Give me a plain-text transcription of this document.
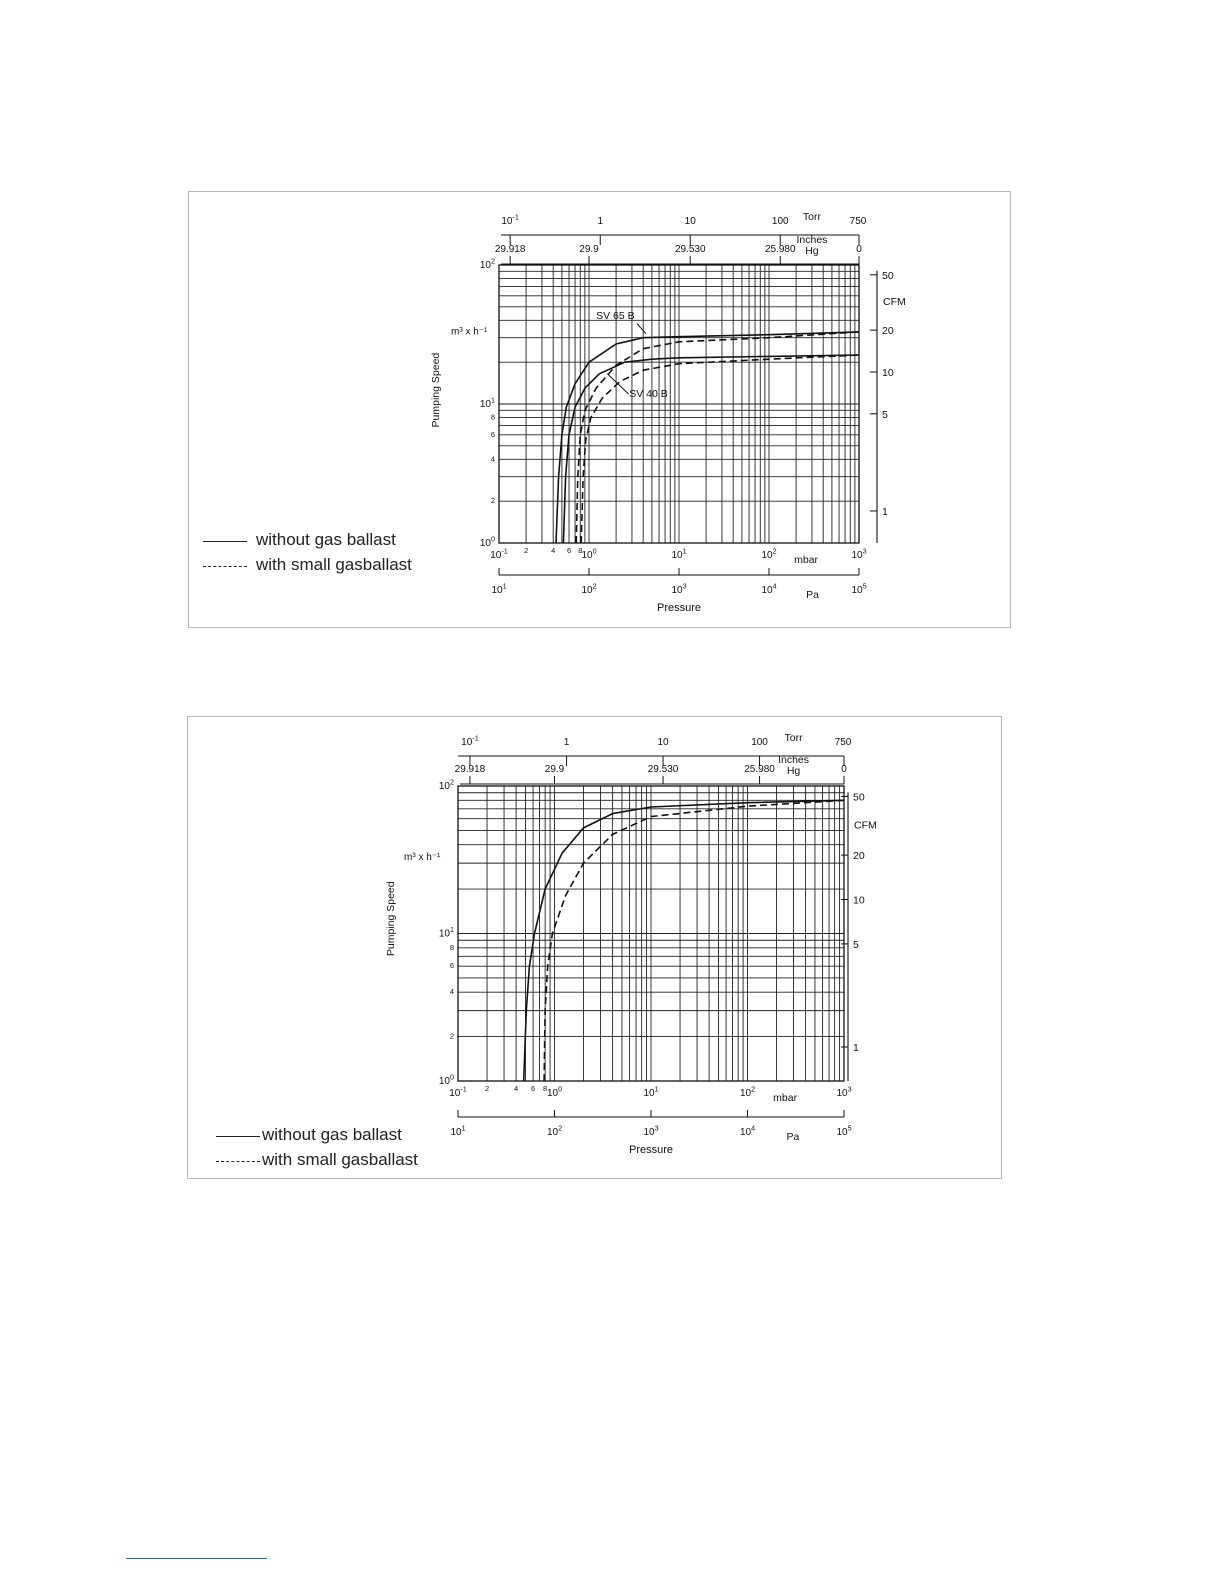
$10^0$
2
4
6
8
$10^1$
$10^2$
Pumping Speed
m³ x h⁻¹
$10^{-1}$ 2	4 6 8 $10^0$	$10^1$	$10^2$	$10^3$
mbar
$10^1$	$10^2$	$10^3$	$10^4$	$10^5$
Pa
Pressure
$10^{-1}$	1	10	100	750
Torr
29.918	29.9	29.530	25.980	0
Inches
Hg
50
20
10
5
1
CFM
SV 65 B
SV 40 B
without gas ballast
with small gasballast
$10^0$
2
4
6
8
$10^1$
$10^2$
Pumping Speed
m³ x h⁻¹
$10^{-1}$ 2	4 6 8 $10^0$	$10^1$	$10^2$	$10^3$
mbar
$10^1$	$10^2$	$10^3$	$10^4$	$10^5$
Pa
Pressure
$10^{-1}$	1	10	100	750
Torr
29.918	29.9	29.530	25.980	0
Inches
Hg
50
20
10
5
1
CFM
without gas ballast
with small gasballast
